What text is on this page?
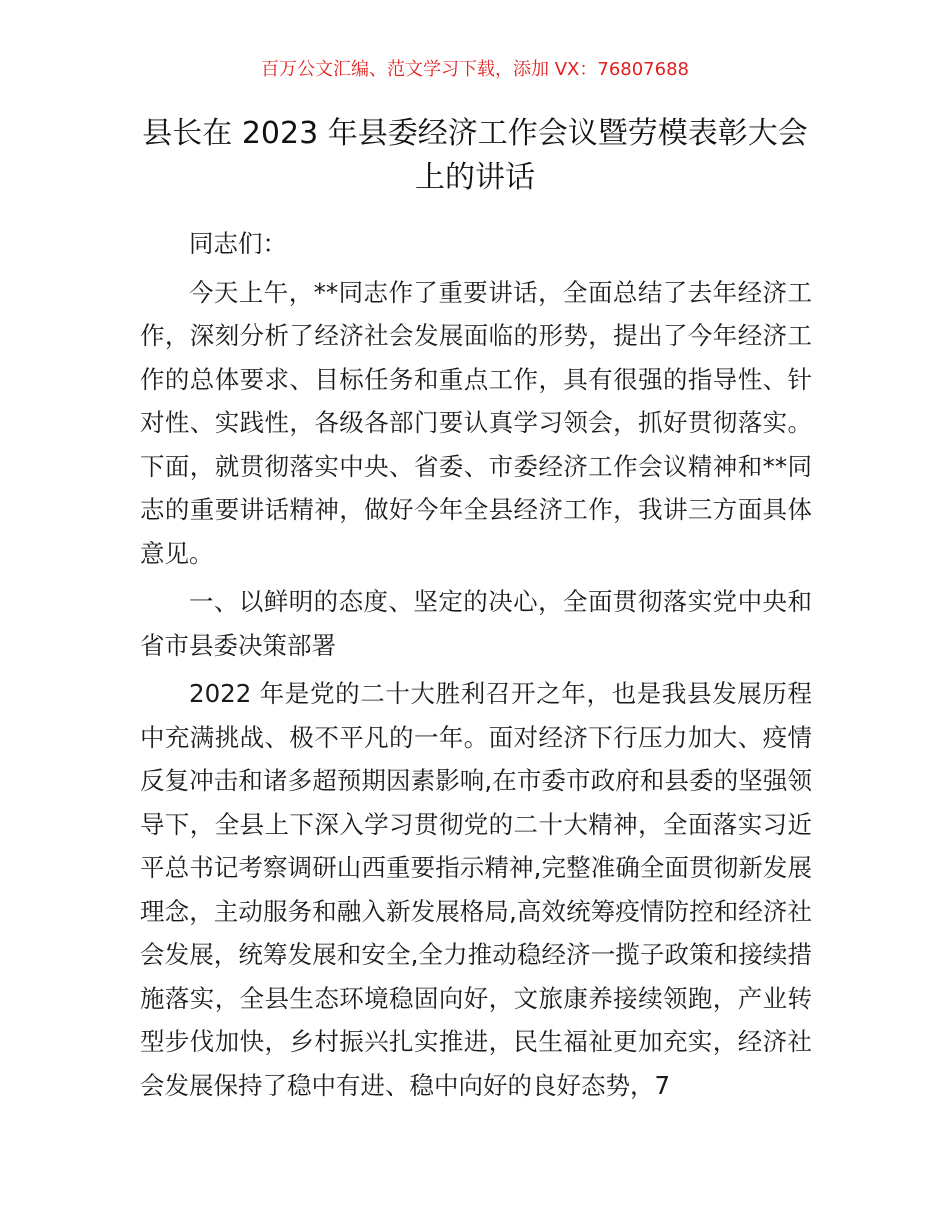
百万公文汇编、范文学习下载，添加 VX：76807688
县长在 2023 年县委经济工作会议暨劳模表彰大会上的讲话

同志们：

今天上午，**同志作了重要讲话，全面总结了去年经济工作，深刻分析了经济社会发展面临的形势，提出了今年经济工作的总体要求、目标任务和重点工作，具有很强的指导性、针对性、实践性，各级各部门要认真学习领会，抓好贯彻落实。下面，就贯彻落实中央、省委、市委经济工作会议精神和**同志的重要讲话精神，做好今年全县经济工作，我讲三方面具体意见。

一、以鲜明的态度、坚定的决心，全面贯彻落实党中央和省市县委决策部署

2022 年是党的二十大胜利召开之年，也是我县发展历程中充满挑战、极不平凡的一年。面对经济下行压力加大、疫情反复冲击和诸多超预期因素影响,在市委市政府和县委的坚强领导下，全县上下深入学习贯彻党的二十大精神，全面落实习近平总书记考察调研山西重要指示精神,完整准确全面贯彻新发展理念，主动服务和融入新发展格局,高效统筹疫情防控和经济社会发展，统筹发展和安全,全力推动稳经济一揽子政策和接续措施落实，全县生态环境稳固向好，文旅康养接续领跑，产业转型步伐加快，乡村振兴扎实推进，民生福祉更加充实，经济社会发展保持了稳中有进、稳中向好的良好态势，7
